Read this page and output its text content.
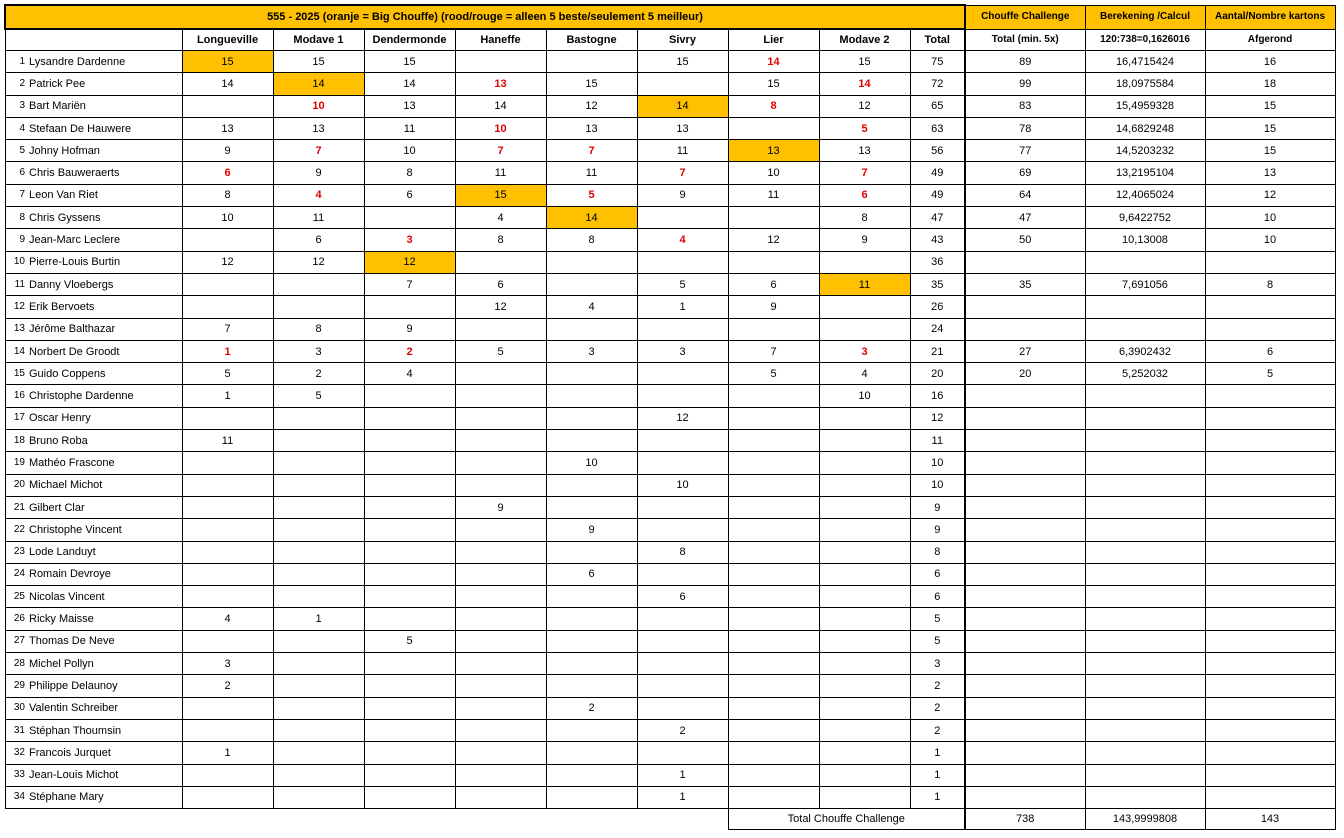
555 - 2025 (oranje = Big Chouffe) (rood/rouge = alleen 5 beste/seulement 5 meilleur)											Chouffe Challenge	Berekening /Calcul	Aantal/Nombre kartons
		Longueville	Modave 1	Dendermonde	Haneffe	Bastogne	Sivry	Lier	Modave 2	Total	Total (min. 5x)	120:738=0,1626016	Afgerond
1	Lysandre Dardenne	15	15	15			15	14	15	75	89	16,4715424	16
2	Patrick Pee	14	14	14	13	15		15	14	72	99	18,0975584	18
3	Bart Mariën		10	13	14	12	14	8	12	65	83	15,4959328	15
4	Stefaan De Hauwere	13	13	11	10	13	13		5	63	78	14,6829248	15
5	Johny Hofman	9	7	10	7	7	11	13	13	56	77	14,5203232	15
6	Chris Bauweraerts	6	9	8	11	11	7	10	7	49	69	13,2195104	13
7	Leon Van Riet	8	4	6	15	5	9	11	6	49	64	12,4065024	12
8	Chris Gyssens	10	11		4	14			8	47	47	9,6422752	10
9	Jean-Marc Leclere		6	3	8	8	4	12	9	43	50	10,13008	10
10	Pierre-Louis Burtin	12	12	12						36			
11	Danny Vloebergs			7	6		5	6	11	35	35	7,691056	8
12	Erik Bervoets				12	4	1	9		26			
13	Jérôme Balthazar	7	8	9						24			
14	Norbert De Groodt	1	3	2	5	3	3	7	3	21	27	6,3902432	6
15	Guido Coppens	5	2	4				5	4	20	20	5,252032	5
16	Christophe Dardenne	1	5						10	16			
17	Oscar Henry						12			12			
18	Bruno Roba	11								11			
19	Mathéo Frascone					10				10			
20	Michael Michot						10			10			
21	Gilbert Clar				9					9			
22	Christophe Vincent					9				9			
23	Lode Landuyt						8			8			
24	Romain Devroye					6				6			
25	Nicolas Vincent						6			6			
26	Ricky Maisse	4	1							5			
27	Thomas De Neve			5						5			
28	Michel Pollyn	3								3			
29	Philippe Delaunoy	2								2			
30	Valentin Schreiber					2				2			
31	Stéphan Thoumsin						2			2			
32	Francois Jurquet	1								1			
33	Jean-Louis Michot						1			1			
34	Stéphane Mary						1			1			
								Total Chouffe Challenge			738	143,9999808	143
